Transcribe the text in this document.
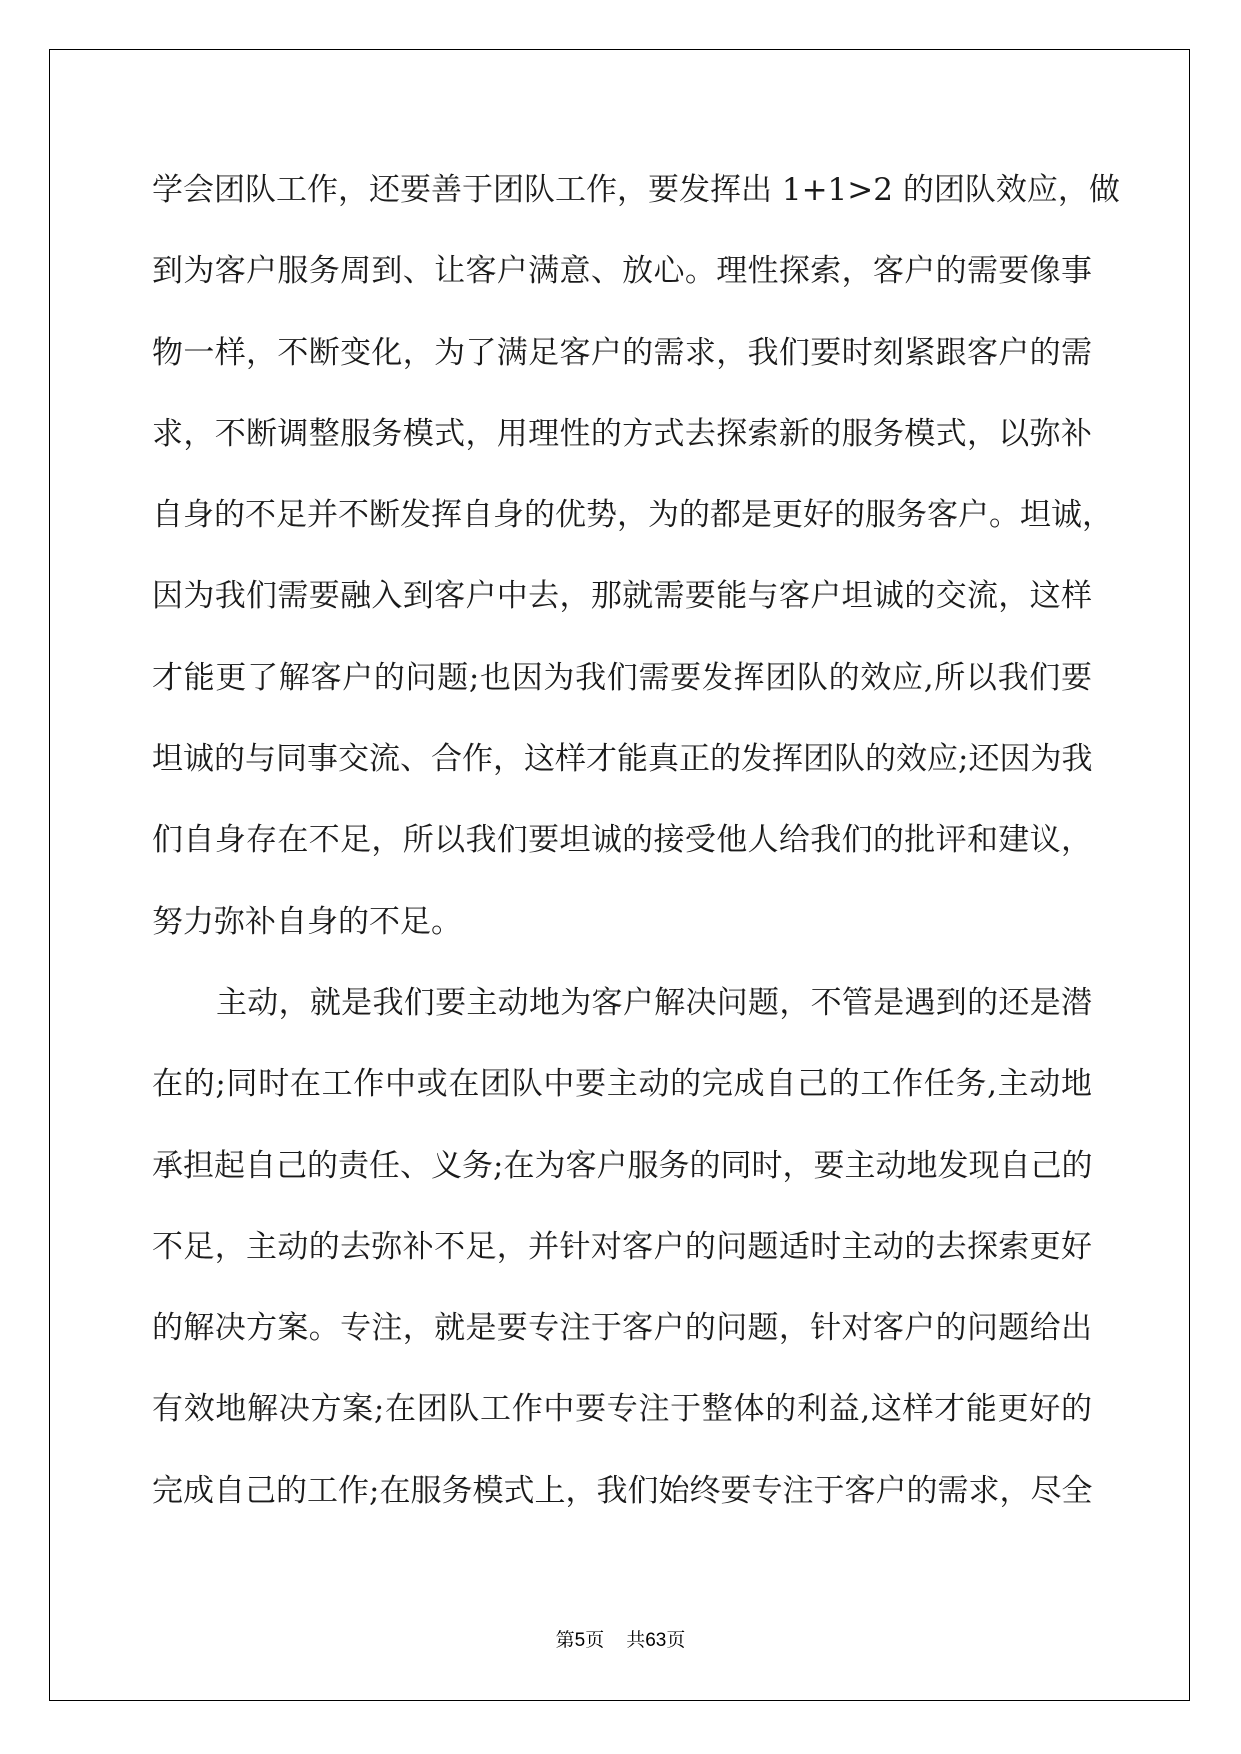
学会团队工作，还要善于团队工作，要发挥出 1+1>2 的团队效应，做
到为客户服务周到、让客户满意、放心。理性探索，客户的需要像事
物一样，不断变化，为了满足客户的需求，我们要时刻紧跟客户的需
求，不断调整服务模式，用理性的方式去探索新的服务模式，以弥补
自身的不足并不断发挥自身的优势，为的都是更好的服务客户。坦诚，
因为我们需要融入到客户中去，那就需要能与客户坦诚的交流，这样
才能更了解客户的问题;也因为我们需要发挥团队的效应,所以我们要
坦诚的与同事交流、合作，这样才能真正的发挥团队的效应;还因为我
们自身存在不足，所以我们要坦诚的接受他人给我们的批评和建议，
努力弥补自身的不足。
主动，就是我们要主动地为客户解决问题，不管是遇到的还是潜
在的;同时在工作中或在团队中要主动的完成自己的工作任务,主动地
承担起自己的责任、义务;在为客户服务的同时，要主动地发现自己的
不足，主动的去弥补不足，并针对客户的问题适时主动的去探索更好
的解决方案。专注，就是要专注于客户的问题，针对客户的问题给出
有效地解决方案;在团队工作中要专注于整体的利益,这样才能更好的
完成自己的工作;在服务模式上，我们始终要专注于客户的需求，尽全
第5页 共63页
